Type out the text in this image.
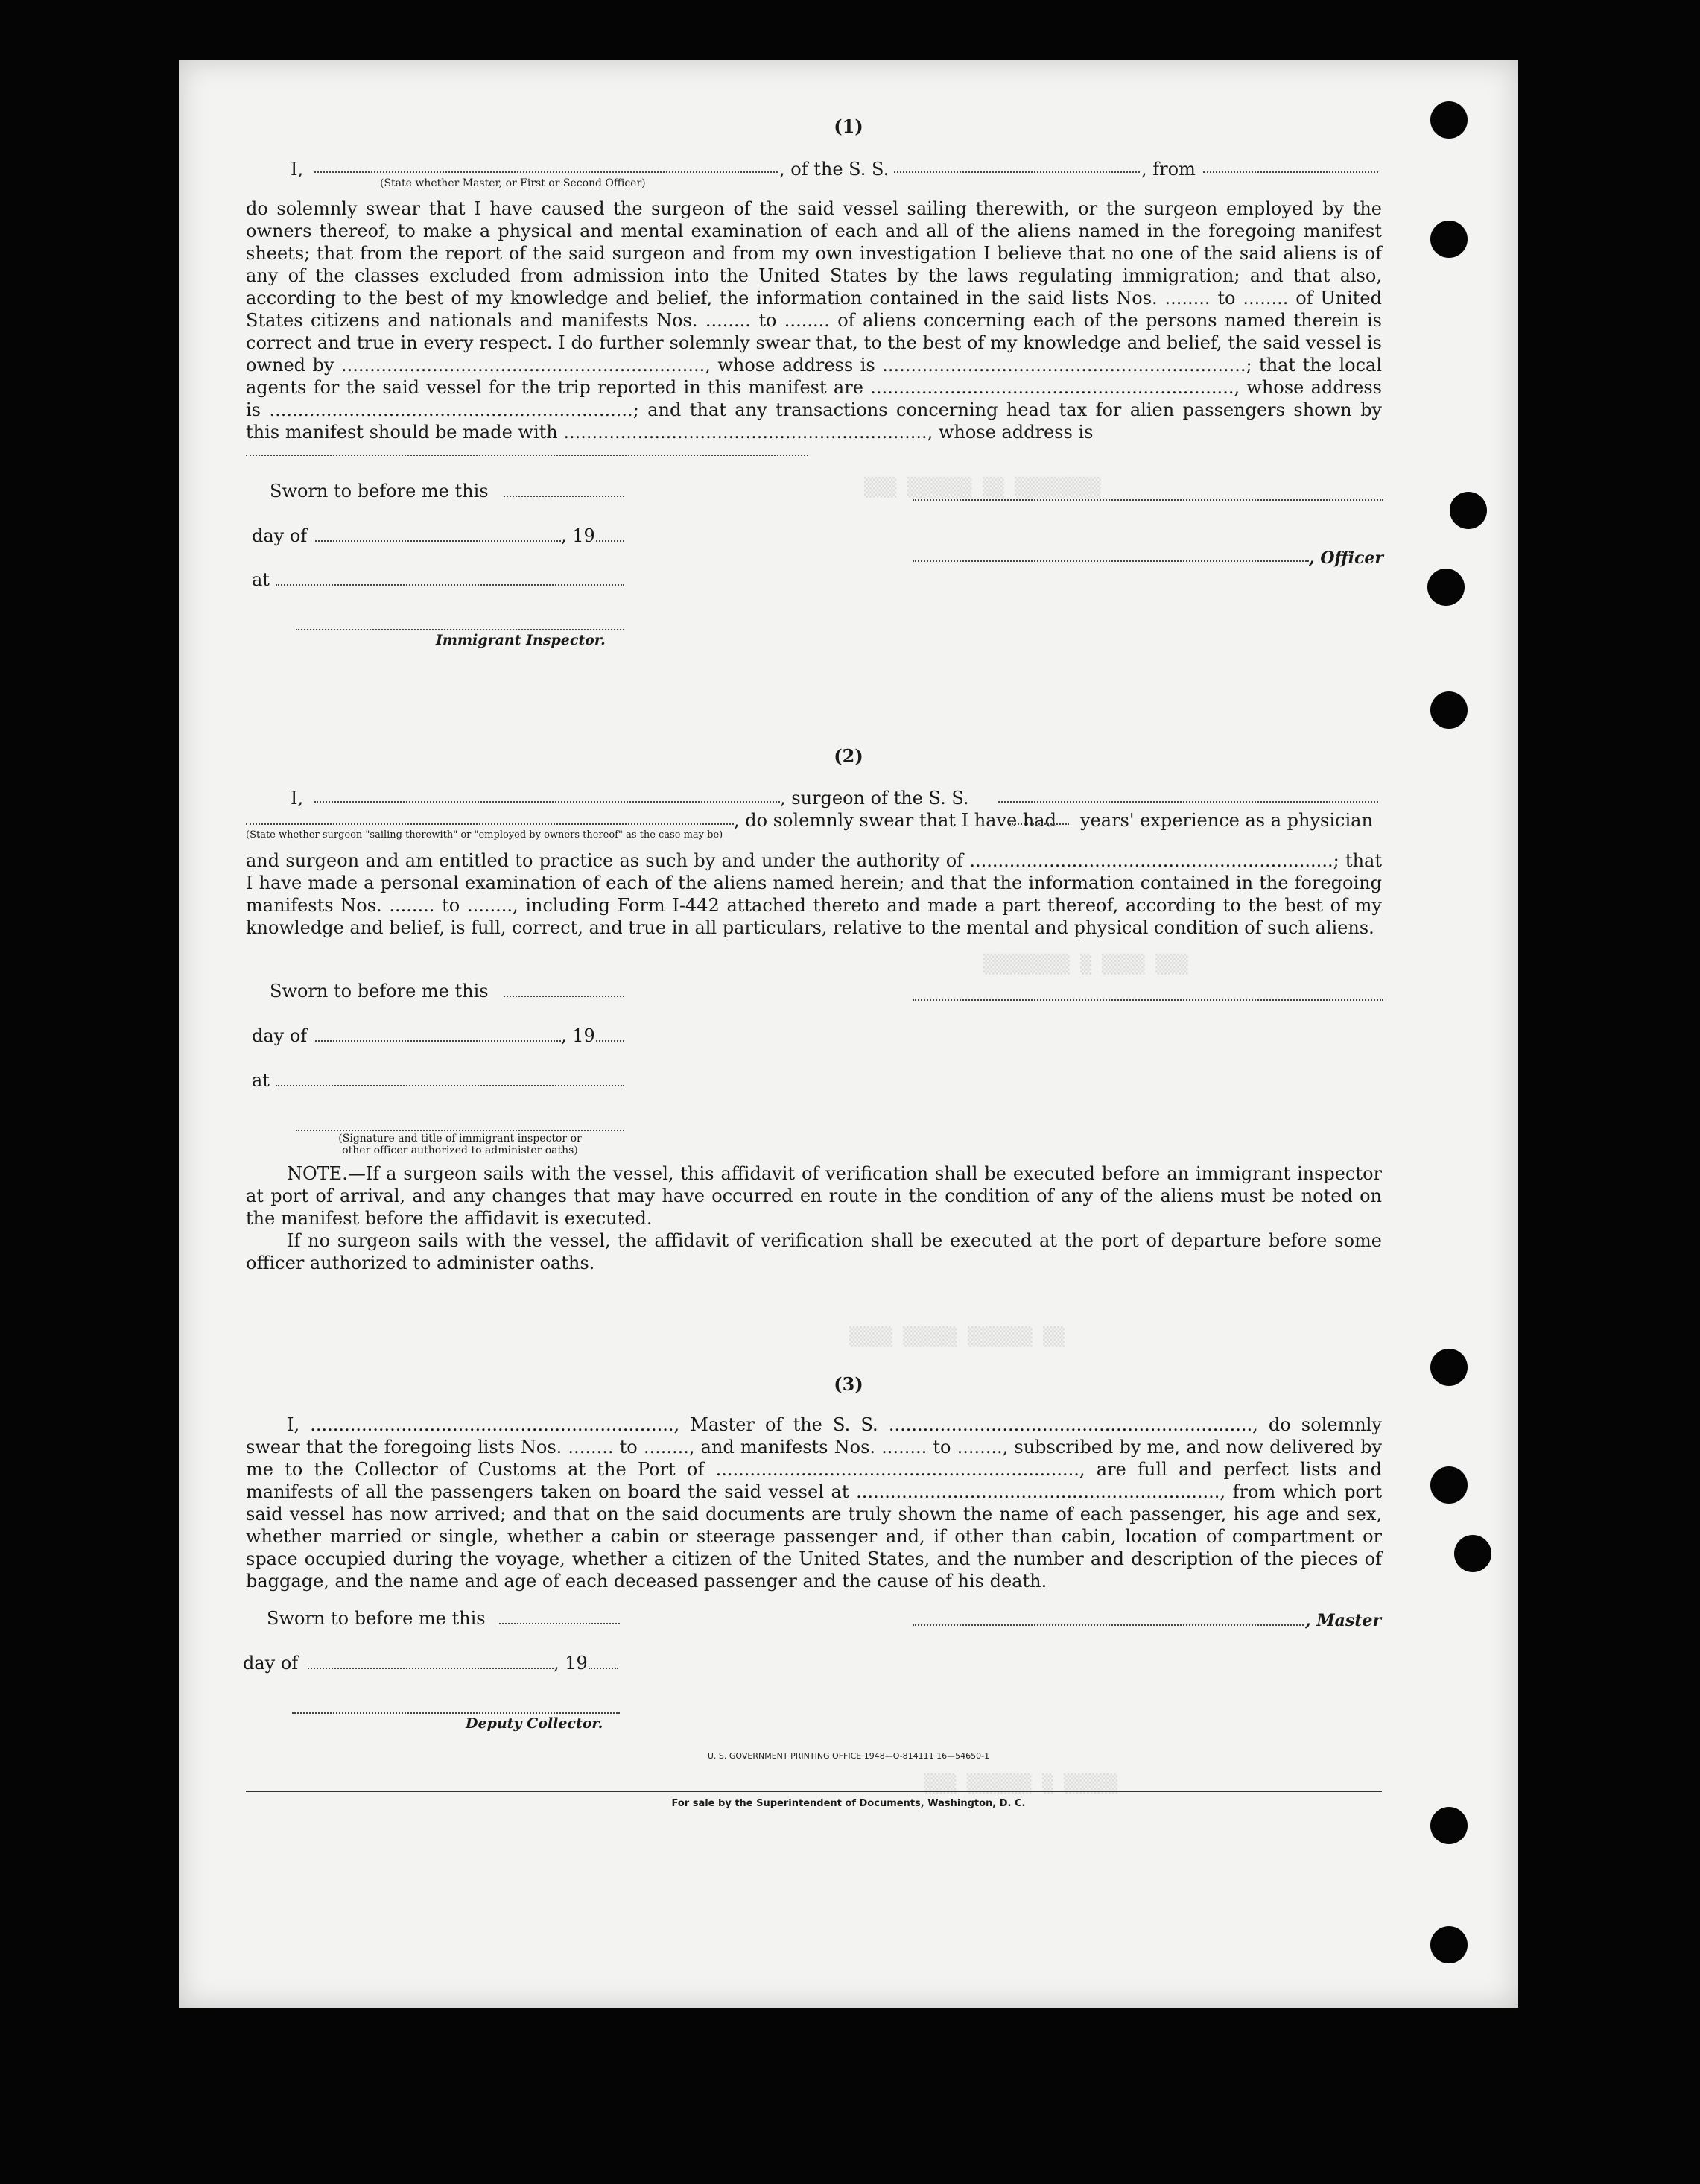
▒▒▒ ▒▒▒▒▒▒ ▒▒ ▒▒▒▒▒▒▒▒
▒▒▒▒▒▒▒▒ ▒ ▒▒▒▒ ▒▒▒
▒▒▒▒ ▒▒▒▒▒ ▒▒▒▒▒▒ ▒▒
▒▒▒ ▒▒▒▒▒▒ ▒ ▒▒▒▒▒
(1)
I,
(State whether Master, or First or Second Officer)
, of the S. S.	, from
do solemnly swear that I have caused the surgeon of the said vessel sailing therewith, or the surgeon employed by the owners thereof, to make a physical and mental examination of each and all of the aliens named in the foregoing manifest sheets; that from the report of the said surgeon and from my own investigation I believe that no one of the said aliens is of any of the classes excluded from admission into the United States by the laws regulating immigration; and that also, according to the best of my knowledge and belief, the information contained in the said lists Nos. ........ to ........ of United States citizens and nationals and manifests Nos. ........ to ........ of aliens concerning each of the persons named therein is correct and true in every respect. I do further solemnly swear that, to the best of my knowledge and belief, the said vessel is owned by ................................................................, whose address is ................................................................; that the local agents for the said vessel for the trip reported in this manifest are ................................................................, whose address is ................................................................; and that any transactions concerning head tax for alien passengers shown by this manifest should be made with ................................................................, whose address is
Sworn to before me this
day of	, 19
at
Immigrant Inspector.
, Officer
(2)
I,	, surgeon of the S. S.
, do solemnly swear that I have had years' experience as a physician
(State whether surgeon "sailing therewith" or "employed by owners thereof" as the case may be)
and surgeon and am entitled to practice as such by and under the authority of ................................................................; that I have made a personal examination of each of the aliens named herein; and that the information contained in the foregoing manifests Nos. ........ to ........, including Form I-442 attached thereto and made a part thereof, according to the best of my knowledge and belief, is full, correct, and true in all particulars, relative to the mental and physical condition of such aliens.
Sworn to before me this
day of	, 19
at
(Signature and title of immigrant inspector or
other officer authorized to administer oaths)
NOTE.—If a surgeon sails with the vessel, this affidavit of verification shall be executed before an immigrant inspector at port of arrival, and any changes that may have occurred en route in the condition of any of the aliens must be noted on the manifest before the affidavit is executed.
If no surgeon sails with the vessel, the affidavit of verification shall be executed at the port of departure before some officer authorized to administer oaths.
(3)
I, ................................................................, Master of the S. S. ................................................................, do solemnly swear that the foregoing lists Nos. ........ to ........, and manifests Nos. ........ to ........, subscribed by me, and now delivered by me to the Collector of Customs at the Port of ................................................................, are full and perfect lists and manifests of all the passengers taken on board the said vessel at ................................................................, from which port said vessel has now arrived; and that on the said documents are truly shown the name of each passenger, his age and sex, whether married or single, whether a cabin or steerage passenger and, if other than cabin, location of compartment or space occupied during the voyage, whether a citizen of the United States, and the number and description of the pieces of baggage, and the name and age of each deceased passenger and the cause of his death.
Sworn to before me this	, Master
day of	, 19
Deputy Collector.
U. S. GOVERNMENT PRINTING OFFICE 1948—O-814111 16—54650-1
For sale by the Superintendent of Documents, Washington, D. C.
